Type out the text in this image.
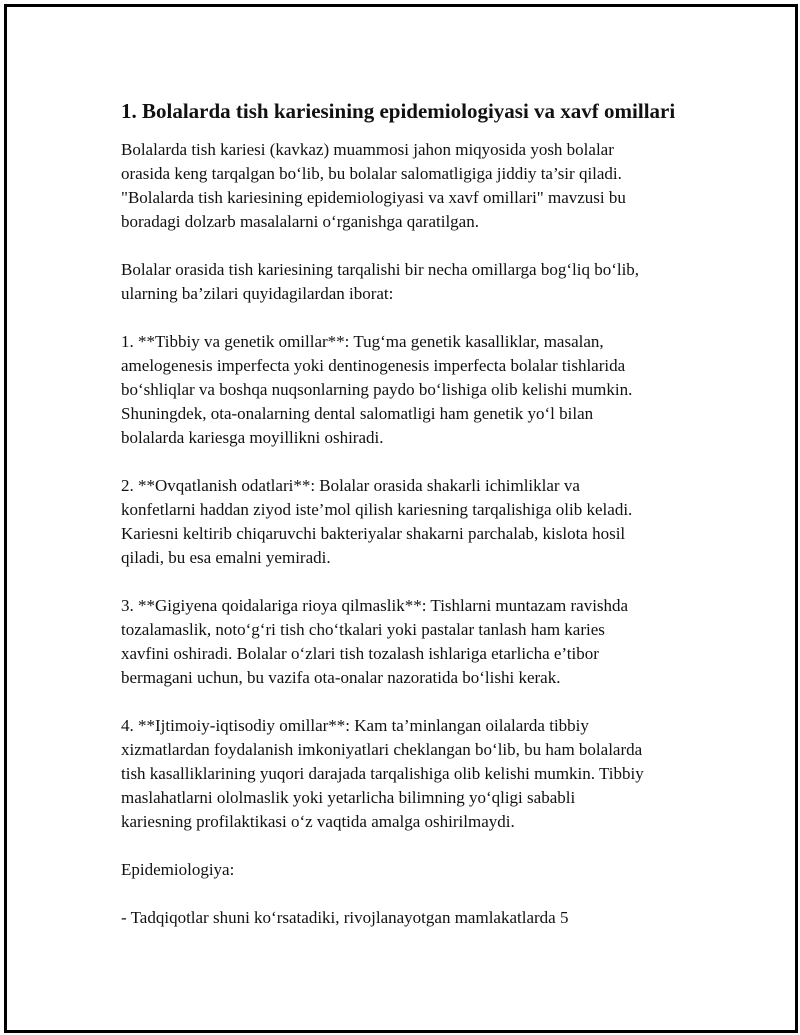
1. Bolalarda tish kariesining epidemiologiyasi va xavf omillari

Bolalarda tish kariesi (kavkaz) muammosi jahon miqyosida yosh bolalar
orasida keng tarqalgan bo‘lib, bu bolalar salomatligiga jiddiy ta’sir qiladi.
"Bolalarda tish kariesining epidemiologiyasi va xavf omillari" mavzusi bu
boradagi dolzarb masalalarni o‘rganishga qaratilgan.

Bolalar orasida tish kariesining tarqalishi bir necha omillarga bog‘liq bo‘lib,
ularning ba’zilari quyidagilardan iborat:

1. **Tibbiy va genetik omillar**: Tug‘ma genetik kasalliklar, masalan,
amelogenesis imperfecta yoki dentinogenesis imperfecta bolalar tishlarida
bo‘shliqlar va boshqa nuqsonlarning paydo bo‘lishiga olib kelishi mumkin.
Shuningdek, ota-onalarning dental salomatligi ham genetik yo‘l bilan
bolalarda kariesga moyillikni oshiradi.

2. **Ovqatlanish odatlari**: Bolalar orasida shakarli ichimliklar va
konfetlarni haddan ziyod iste’mol qilish kariesning tarqalishiga olib keladi.
Kariesni keltirib chiqaruvchi bakteriyalar shakarni parchalab, kislota hosil
qiladi, bu esa emalni yemiradi.

3. **Gigiyena qoidalariga rioya qilmaslik**: Tishlarni muntazam ravishda
tozalamaslik, noto‘g‘ri tish cho‘tkalari yoki pastalar tanlash ham karies
xavfini oshiradi. Bolalar o‘zlari tish tozalash ishlariga etarlicha e’tibor
bermagani uchun, bu vazifa ota-onalar nazoratida bo‘lishi kerak.

4. **Ijtimoiy-iqtisodiy omillar**: Kam ta’minlangan oilalarda tibbiy
xizmatlardan foydalanish imkoniyatlari cheklangan bo‘lib, bu ham bolalarda
tish kasalliklarining yuqori darajada tarqalishiga olib kelishi mumkin. Tibbiy
maslahatlarni ololmaslik yoki yetarlicha bilimning yo‘qligi sababli
kariesning profilaktikasi o‘z vaqtida amalga oshirilmaydi.

Epidemiologiya:

- Tadqiqotlar shuni ko‘rsatadiki, rivojlanayotgan mamlakatlarda 5
